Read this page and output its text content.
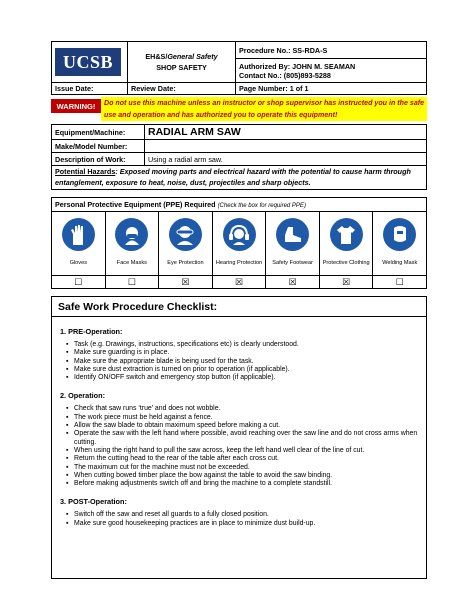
UCSB	EH&S/General Safety
SHOP SAFETY	Procedure No.: SS-RDA-S
		Authorized By: JOHN M. SEAMAN
Contact No.: (805)893-5288
Issue Date:	Review Date:	Page Number: 1 of 1
WARNING!	Do not use this machine unless an instructor or shop supervisor has instructed you in the safe use and operation and has authorized you to operate this equipment!
Equipment/Machine:	RADIAL ARM SAW
Make/Model Number:	
Description of Work:	Using a radial arm saw.
Potential Hazards: Exposed moving parts and electrical hazard with the potential to cause harm through entanglement, exposure to heat, noise, dust, projectiles and sharp objects.	
Personal Protective Equipment (PPE) Required (Check the box for required PPE)
Gloves
☐
Face Masks
☐
Eye Protection
☒
Hearing Protection
☒
Safety Footwear
☒
Protective Clothing
☒
Welding Mask
☐
Safe Work Procedure Checklist:
1. PRE-Operation:
▪ Task (e.g. Drawings, instructions, specifications etc) is clearly understood.
▪ Make sure guarding is in place.
▪ Make sure the appropriate blade is being used for the task.
▪ Make sure dust extraction is turned on prior to operation (if applicable).
▪ Identify ON/OFF switch and emergency stop button (if applicable).
2. Operation:
▪ Check that saw runs ‘true’ and does not wobble.
▪ The work piece must be held against a fence.
▪ Allow the saw blade to obtain maximum speed before making a cut.
▪ Operate the saw with the left hand where possible, avoid reaching over the saw line and do not cross arms when cutting.
▪ When using the right hand to pull the saw across, keep the left hand well clear of the line of cut.
▪ Return the cutting head to the rear of the table after each cross cut.
▪ The maximum cut for the machine must not be exceeded.
▪ When cutting bowed timber place the bow against the table to avoid the saw binding.
▪ Before making adjustments switch off and bring the machine to a complete standstill.
3. POST-Operation:
▪ Switch off the saw and reset all guards to a fully closed position.
▪ Make sure good housekeeping practices are in place to minimize dust build-up.
